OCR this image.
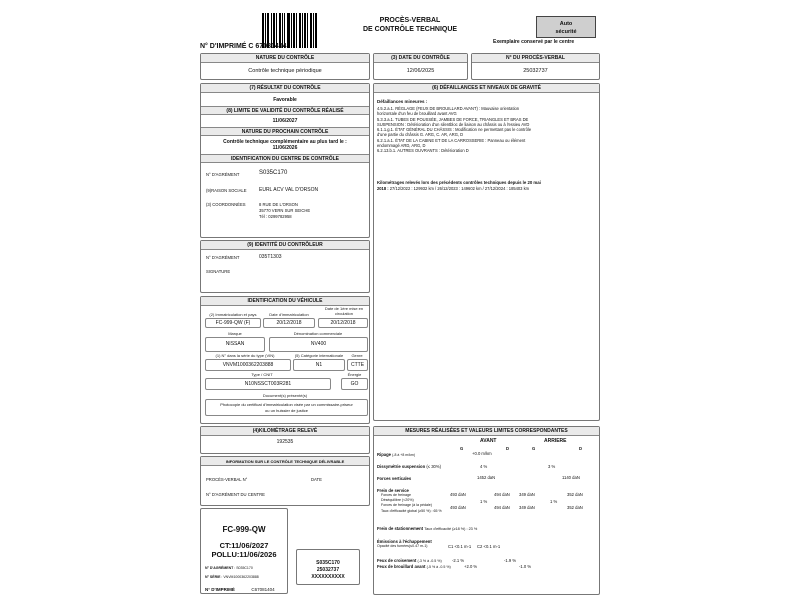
N° D'IMPRIMÉ C 67081404
PROCÈS-VERBAL
DE CONTRÔLE TECHNIQUE
Auto
sécurité
Exemplaire conservé par le centre
NATURE DU CONTRÔLE
Contrôle technique périodique
(3) DATE DU CONTRÔLE
12/06/2025
N° DU PROCÈS-VERBAL
25032737
(7) RÉSULTAT DU CONTRÔLE
Favorable
(8) LIMITE DE VALIDITÉ DU CONTRÔLE RÉALISÉ
11/06/2027
NATURE DU PROCHAIN CONTRÔLE
Contrôle technique complémentaire au plus tard le :
11/06/2026
IDENTIFICATION DU CENTRE DE CONTRÔLE
N° D'AGRÉMENT	S035C170
(9)RAISON SOCIALE	EURL ACV VAL D'ORSON
(3) COORDONNÉES	8 RUE DE L'ORSON
35770 VERN SUR SEICHE
Tél : 0299782958
(9) IDENTITÉ DU CONTRÔLEUR
N° D'AGRÉMENT	035T1303
SIGNATURE
IDENTIFICATION DU VÉHICULE
(2) Immatriculation et pays	Date d'immatriculation
Date de 1ère mise en circulation
FC-999-QW (F)	20/12/2018	20/12/2018
Marque	Dénomination commerciale
NISSAN	NV400
(1) N° dans la série du type (VIN)	(5) Catégorie internationale	Genre
VNVM1000362203888	N1	CTTE
Type / CNIT	Énergie
N10NSSCT003R281	GO
Document(s) présenté(s)
Photocopie du certificat d'immatriculation visée par un commissaire-priseur
ou un huissier de justice
(4)KILOMÉTRAGE RELEVÉ
192535
INFORMATION SUR LE CONTRÔLE TECHNIQUE DÉLIVRABLE
PROCÈS-VERBAL N°	DATE
N° D'AGRÉMENT DU CENTRE
FC-999-QW
CT:11/06/2027
POLLU:11/06/2026
N° D'AGRÉMENT : S035C170
N° SÉRIE : VNVM1000362203888
N° D'IMPRIMÉ	C67081404
S035C170
25032737
XXXXXXXXXX
(6) DÉFAILLANCES ET NIVEAUX DE GRAVITÉ
Défaillances mineures :
4.5.2.a.1. RÉGLAGE (FEUX DE BROUILLARD AVANT) : Mauvaise orientation
horizontale d'un feu de brouillard avant AVG
5.3.3.a.1. TUBES DE POUSSÉE, JAMBES DE FORCE, TRIANGLES ET BRAS DE
SUSPENSION : Détérioration d'un silentbloc de liaison au châssis ou à l'essieu AVD
6.1.1.g.1. ÉTAT GÉNÉRAL DU CHÂSSIS : Modification ne permettant pas le contrôle
d'une partie du châssis G. ARG, C. AR, ARG, D
6.2.1.a.1. ÉTAT DE LA CABINE ET DE LA CARROSSERIE : Panneau ou élément
endommagé ARD, ARG, D
6.2.13.b.1. AUTRES OUVRANTS : Détérioration D
Kilométrages relevés lors des précédents contrôles techniques depuis le 20 mai
2018 : 27/12/2022 : 129932 km / 26/12/2023 : 149602 km / 27/12/2024 : 185403 km
MESURES RÉALISÉES ET VALEURS LIMITES CORRESPONDANTES
AVANT	ARRIERE
G	D	G	D
Ripage (-8 à +8 m/km)	+0.0 m/km
Dissymétrie suspension (≤ 30%)	4 %	3 %
Forces verticales	1452 daN	1140 daN
Frein de service
Forces de freinage	493 daN	494 daN 349 daN	352 daN
Déséquilibre (<20%)	1 %	1 %
Forces de freinage (à la pédale)	493 daN	494 daN 349 daN	352 daN
Taux d'efficacité global (≥50 %) : 65 %
Frein de stationnement Taux d'efficacité (≥18 %) : 23 %
Émissions à l'échappement
Opacité des fumées(≤0.47 m-1)	C1 <0.1 m-1 C2 <0.1 m-1
Feux de croisement (-3 % à -0.5 %) -2.1 %	-1.9 %
Feux de brouillard avant (-5 % à -0.5 %)	+2.0 %	-1.0 %
